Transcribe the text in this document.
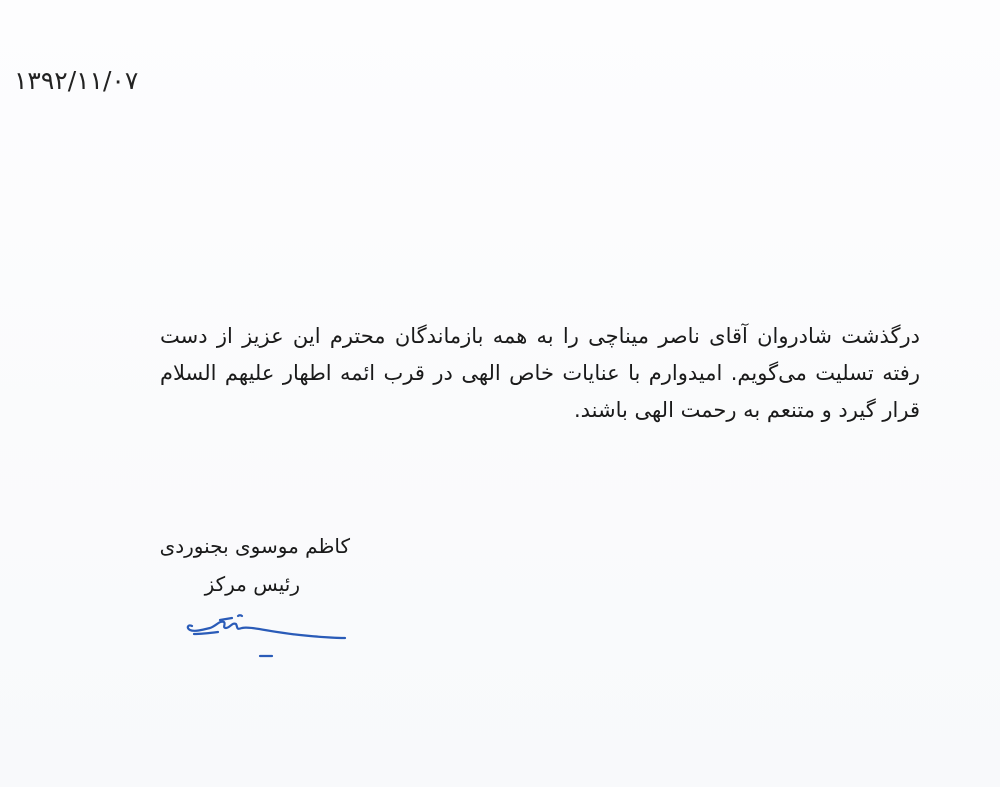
۱۳۹۲/۱۱/۰۷

درگذشت شادروان آقای ناصر میناچی را به همه بازماندگان محترم این عزیز از دست رفته تسلیت می‌گویم. امیدوارم با عنایات خاص الهی در قرب ائمه اطهار علیهم السلام قرار گیرد و متنعم به رحمت الهی باشند.

کاظم موسوی بجنوردی
رئیس مرکز
